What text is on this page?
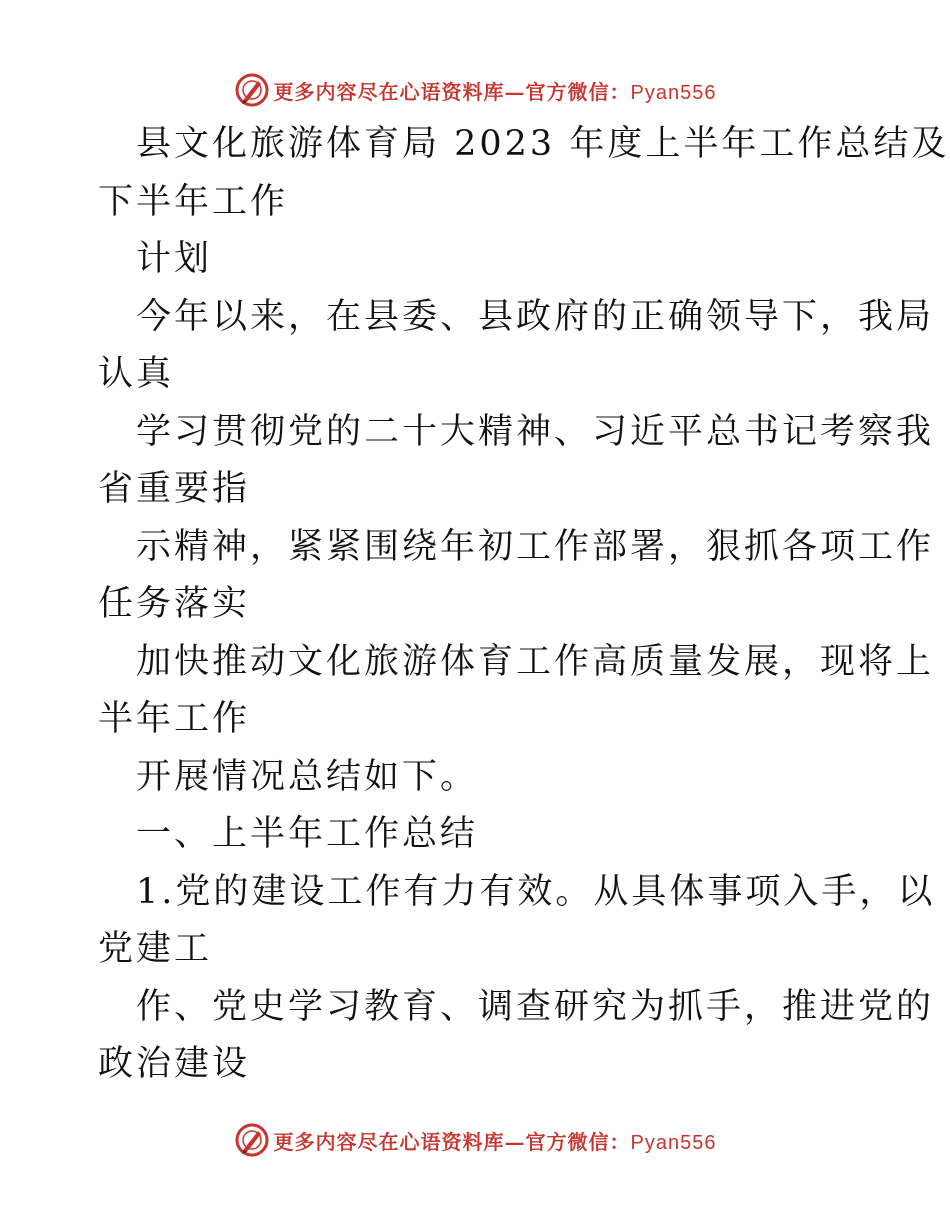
更多内容尽在心语资料库—官方微信：Pyan556
县文化旅游体育局 2023 年度上半年工作总结及
下半年工作
计划
今年以来，在县委、县政府的正确领导下，我局
认真
学习贯彻党的二十大精神、习近平总书记考察我
省重要指
示精神，紧紧围绕年初工作部署，狠抓各项工作
任务落实
加快推动文化旅游体育工作高质量发展，现将上
半年工作
开展情况总结如下。
一、上半年工作总结
1.党的建设工作有力有效。从具体事项入手，以
党建工
作、党史学习教育、调查研究为抓手，推进党的
政治建设
更多内容尽在心语资料库—官方微信：Pyan556
